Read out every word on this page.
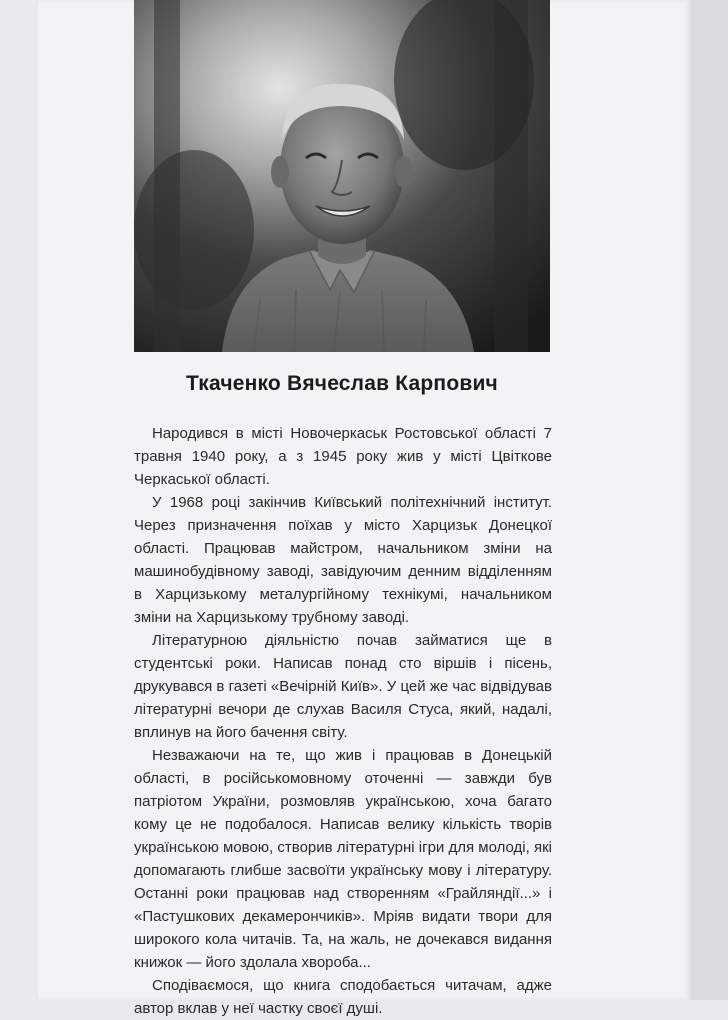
Ткаченко Вячеслав Карпович

Народився в місті Новочеркаськ Ростовської області 7 травня 1940 року, а з 1945 року жив у місті Цвіткове Черкаської області.

У 1968 році закінчив Київський політехнічний інститут. Через призначення поїхав у місто Харцизьк Донецкої області. Працював майстром, начальником зміни на машинобудівному заводі, завідуючим денним відділенням в Харцизькому металургійному технікумі, начальником зміни на Харцизькому трубному заводі.

Літературною діяльністю почав займатися ще в студентські роки. Написав понад сто віршів і пісень, друкувався в газеті «Вечірній Київ». У цей же час відвідував літературні вечори де слухав Василя Стуса, який, надалі, вплинув на його бачення світу.

Незважаючи на те, що жив і працював в Донецькій області, в російськомовному оточенні — завжди був патріотом України, розмовляв українською, хоча багато кому це не подобалося. Написав велику кількість творів українською мовою, створив літературні ігри для молоді, які допомагають глибше засвоїти українську мову і літературу. Останні роки працював над створенням «Грайляндії...» і «Пастушкових декамерончиків». Мріяв видати твори для широкого кола читачів. Та, на жаль, не дочекався видання книжок — його здолала хвороба...

Сподіваємося, що книга сподобається читачам, адже автор вклав у неї частку своєї душі.
